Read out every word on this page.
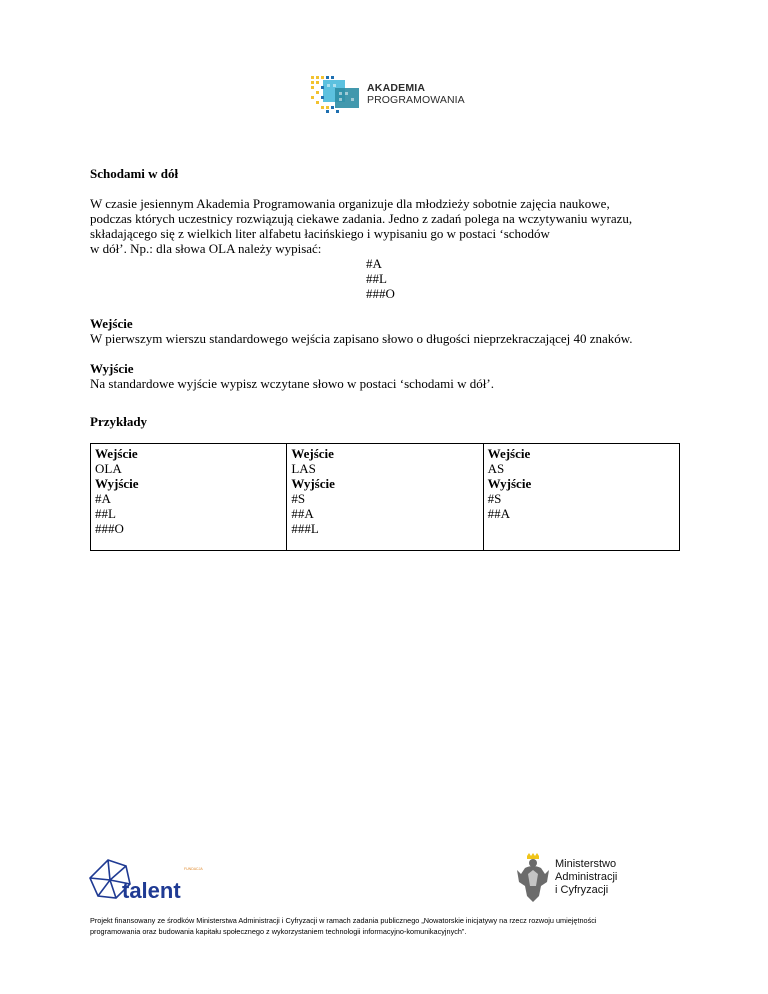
AKADEMIA
PROGRAMOWANIA

Schodami w dół

W czasie jesiennym Akademia Programowania organizuje dla młodzieży sobotnie zajęcia naukowe,

podczas których uczestnicy rozwiązują ciekawe zadania. Jedno z zadań polega na wczytywaniu wyrazu,

składającego się z wielkich liter alfabetu łacińskiego i wypisaniu go w postaci ‘schodów

w dół’. Np.: dla słowa OLA należy wypisać:

#A

##L

###O

Wejście

W pierwszym wierszu standardowego wejścia zapisano słowo o długości nieprzekraczającej 40 znaków.

Wyjście

Na standardowe wyjście wypisz wczytane słowo w postaci ‘schodami w dół’.

Przykłady

Wejście
OLA
Wyjście
#A
##L
###O

Wejście
LAS
Wyjście
#S
##A
###L

Wejście
AS
Wyjście
#S
##A
FUNDACJA
talent
Ministerstwo
Administracji
i Cyfryzacji
Projekt finansowany ze środków Ministerstwa Administracji i Cyfryzacji w ramach zadania publicznego „Nowatorskie inicjatywy na rzecz rozwoju umiejętności
programowania oraz budowania kapitału społecznego z wykorzystaniem technologii informacyjno-komunikacyjnych”.
